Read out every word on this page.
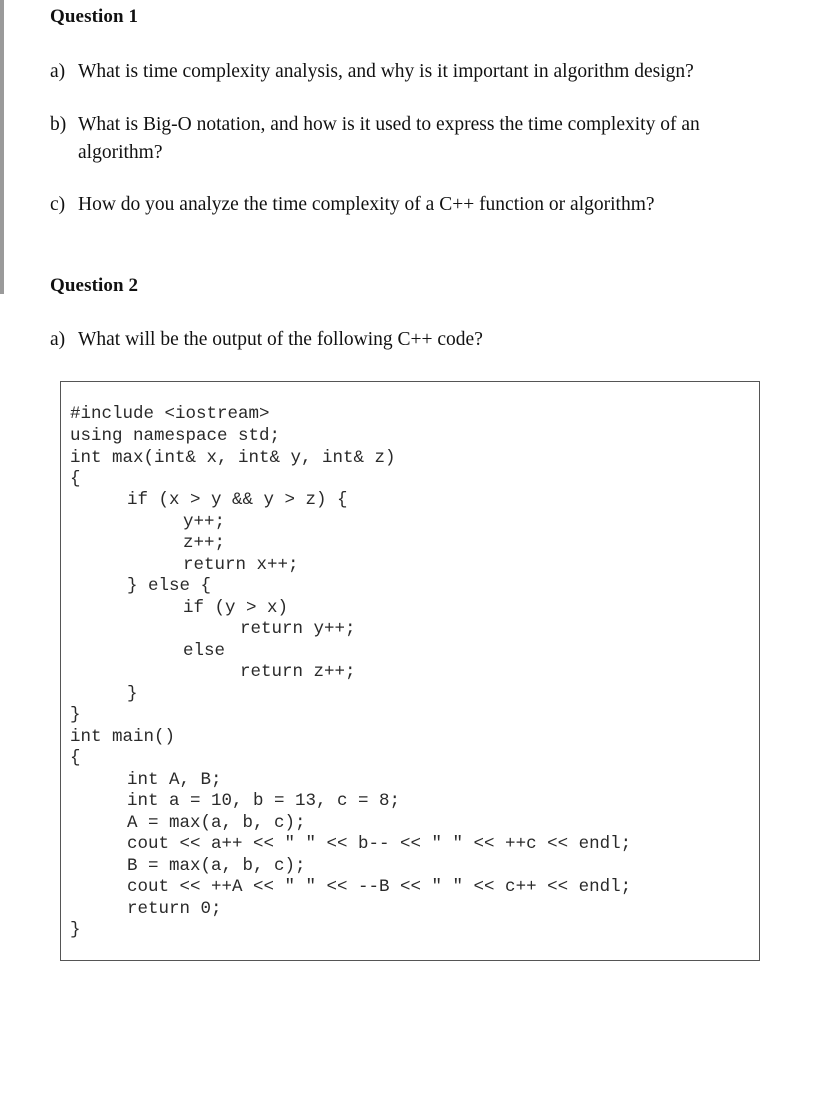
Question 1
a) What is time complexity analysis, and why is it important in algorithm design?
b) What is Big-O notation, and how is it used to express the time complexity of an algorithm?
c) How do you analyze the time complexity of a C++ function or algorithm?
Question 2
a) What will be the output of the following C++ code?
#include <iostream>
using namespace std;
int max(int& x, int& y, int& z)
{
if (x > y && y > z) {
y++;
z++;
return x++;
} else {
if (y > x)
return y++;
else
return z++;
}
}
int main()
{
int A, B;
int a = 10, b = 13, c = 8;
A = max(a, b, c);
cout << a++ << " " << b-- << " " << ++c << endl;
B = max(a, b, c);
cout << ++A << " " << --B << " " << c++ << endl;
return 0;
}
